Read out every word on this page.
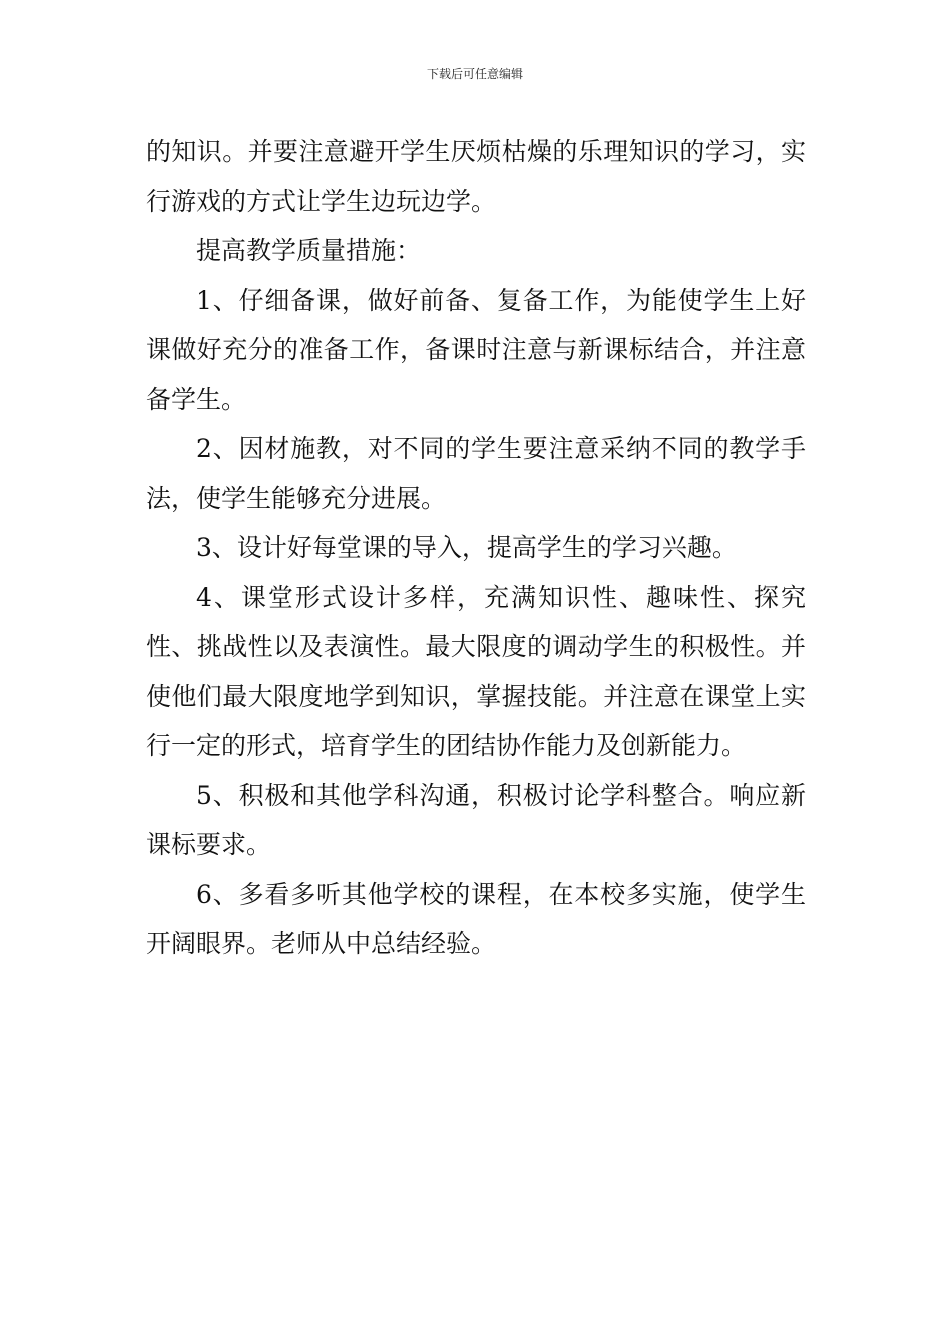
下载后可任意编辑

的知识。并要注意避开学生厌烦枯燥的乐理知识的学习，实行游戏的方式让学生边玩边学。

提高教学质量措施：

1、仔细备课，做好前备、复备工作，为能使学生上好课做好充分的准备工作，备课时注意与新课标结合，并注意备学生。

2、因材施教，对不同的学生要注意采纳不同的教学手法，使学生能够充分进展。

3、设计好每堂课的导入，提高学生的学习兴趣。

4、课堂形式设计多样，充满知识性、趣味性、探究性、挑战性以及表演性。最大限度的调动学生的积极性。并使他们最大限度地学到知识，掌握技能。并注意在课堂上实行一定的形式，培育学生的团结协作能力及创新能力。

5、积极和其他学科沟通，积极讨论学科整合。响应新课标要求。

6、多看多听其他学校的课程，在本校多实施，使学生开阔眼界。老师从中总结经验。
